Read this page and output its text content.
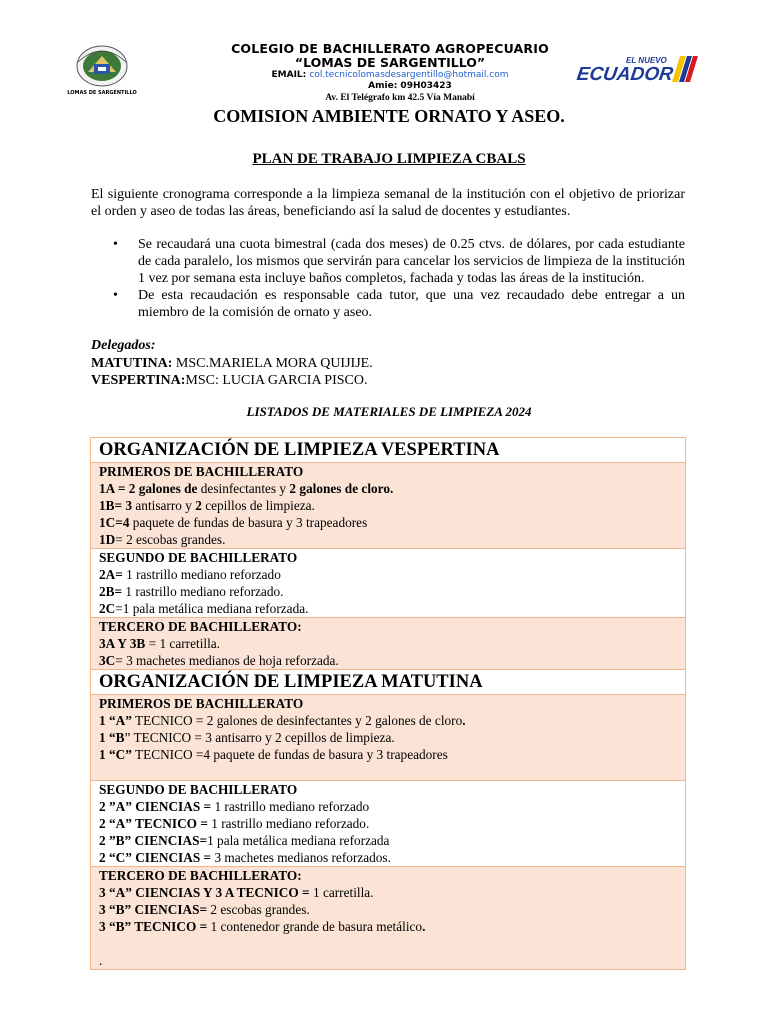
LOMAS DE SARGENTILLO
COLEGIO DE BACHILLERATO AGROPECUARIO
“LOMAS DE SARGENTILLO”
EMAIL: col.tecnicolomasdesargentillo@hotmail.com
Amie: 09H03423
Av. El Telégrafo km 42.5 Vía Manabí
EL NUEVO
ECUADOR
COMISION AMBIENTE ORNATO Y ASEO.
PLAN DE TRABAJO LIMPIEZA CBALS
El siguiente cronograma corresponde a la limpieza semanal de la institución con el objetivo de priorizar el orden y aseo de todas las áreas, beneficiando así la salud de docentes y estudiantes.
• Se recaudará una cuota bimestral (cada dos meses) de 0.25 ctvs. de dólares, por cada estudiante de cada paralelo, los mismos que servirán para cancelar los servicios de limpieza de la institución 1 vez por semana esta incluye baños completos, fachada y todas las áreas de la institución.
• De esta recaudación es responsable cada tutor, que una vez recaudado debe entregar a un miembro de la comisión de ornato y aseo.
Delegados:
MATUTINA: MSC.MARIELA MORA QUIJIJE.
VESPERTINA:MSC: LUCIA GARCIA PISCO.
LISTADOS DE MATERIALES DE LIMPIEZA 2024
ORGANIZACIÓN DE LIMPIEZA VESPERTINA

PRIMEROS DE BACHILLERATO
1A = 2 galones de desinfectantes y 2 galones de cloro.
1B= 3 antisarro y 2 cepillos de limpieza.
1C=4 paquete de fundas de basura y 3 trapeadores
1D= 2 escobas grandes.

SEGUNDO DE BACHILLERATO
2A= 1 rastrillo mediano reforzado
2B= 1 rastrillo mediano reforzado.
2C=1 pala metálica mediana reforzada.

TERCERO DE BACHILLERATO:
3A Y 3B = 1 carretilla.
3C= 3 machetes medianos de hoja reforzada.

ORGANIZACIÓN DE LIMPIEZA MATUTINA

PRIMEROS DE BACHILLERATO
1 “A” TECNICO = 2 galones de desinfectantes y 2 galones de cloro.
1 “B” TECNICO = 3 antisarro y 2 cepillos de limpieza.
1 “C” TECNICO =4 paquete de fundas de basura y 3 trapeadores

SEGUNDO DE BACHILLERATO
2 ”A” CIENCIAS = 1 rastrillo mediano reforzado
2 “A” TECNICO = 1 rastrillo mediano reforzado.
2 ”B” CIENCIAS=1 pala metálica mediana reforzada
2 “C” CIENCIAS = 3 machetes medianos reforzados.

TERCERO DE BACHILLERATO:
3 “A” CIENCIAS Y 3 A TECNICO = 1 carretilla.
3 “B” CIENCIAS= 2 escobas grandes.
3 “B” TECNICO = 1 contenedor grande de basura metálico.
.
